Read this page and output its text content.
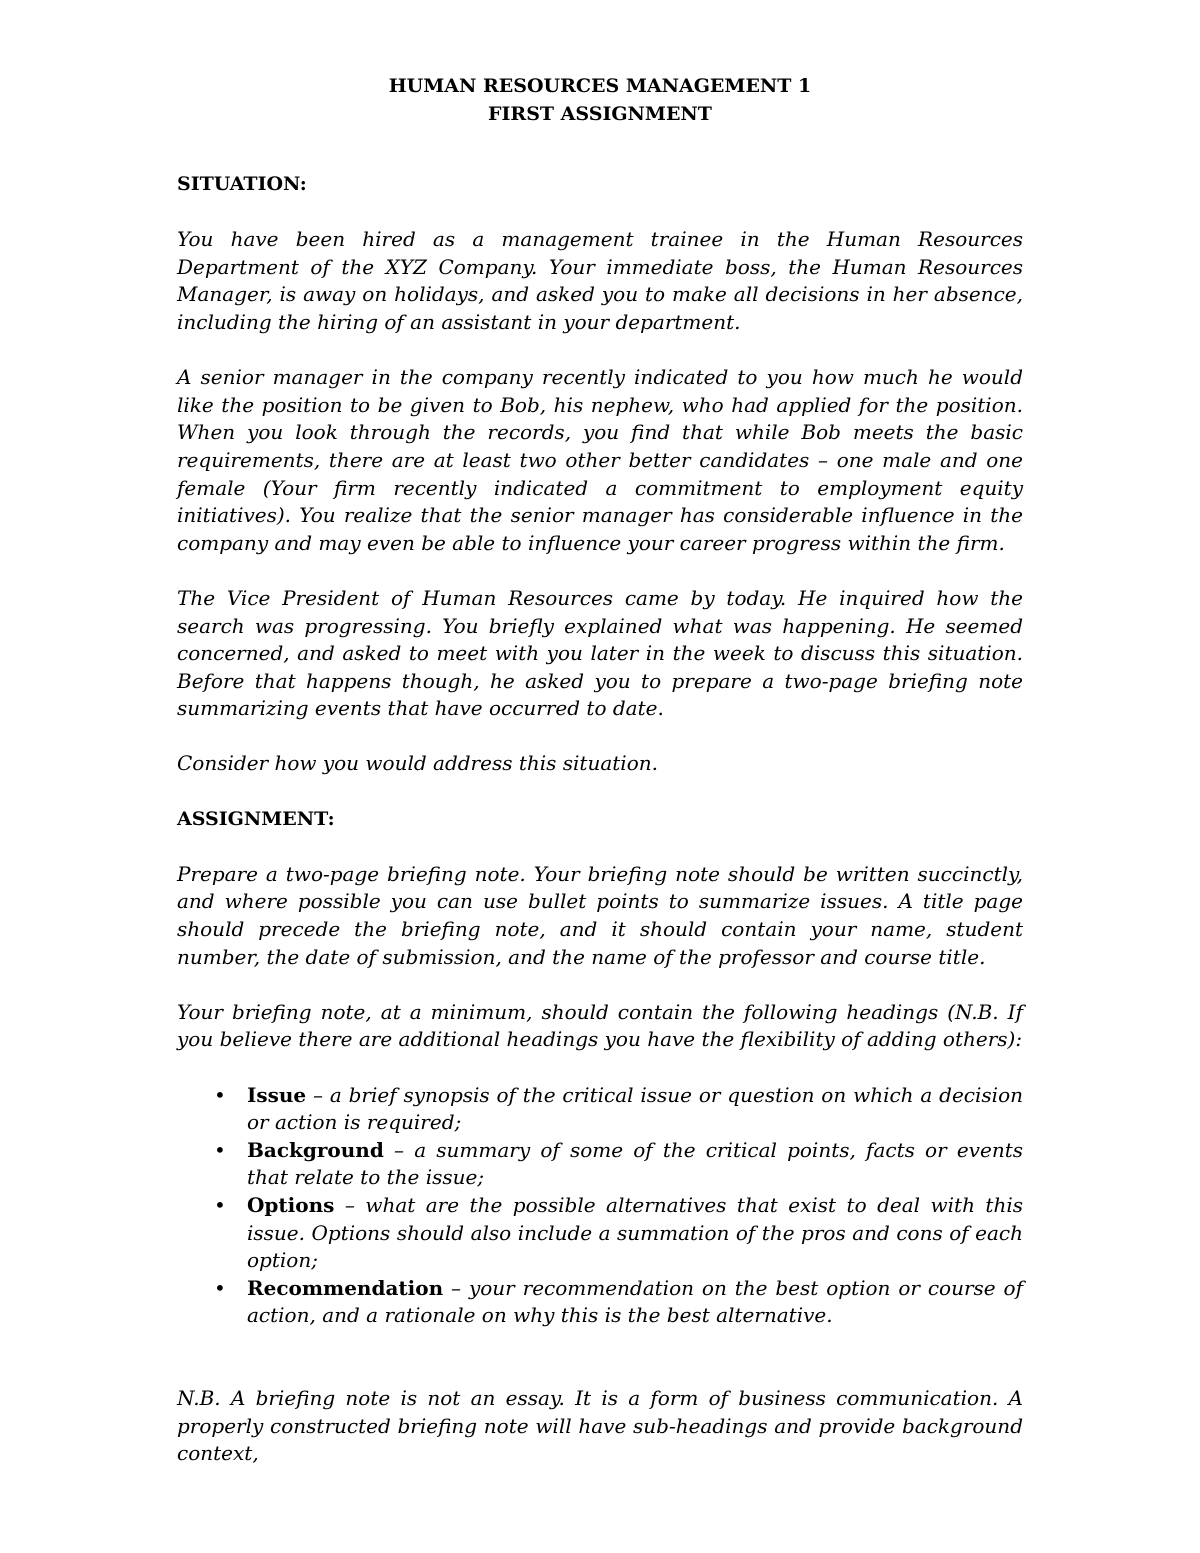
HUMAN RESOURCES MANAGEMENT 1
FIRST ASSIGNMENT
SITUATION:

You have been hired as a management trainee in the Human Resources Department of the XYZ Company. Your immediate boss, the Human Resources Manager, is away on holidays, and asked you to make all decisions in her absence, including the hiring of an assistant in your department.

A senior manager in the company recently indicated to you how much he would like the position to be given to Bob, his nephew, who had applied for the position. When you look through the records, you find that while Bob meets the basic requirements, there are at least two other better candidates – one male and one female (Your firm recently indicated a commitment to employment equity initiatives). You realize that the senior manager has considerable influence in the company and may even be able to influence your career progress within the firm.

The Vice President of Human Resources came by today. He inquired how the search was progressing. You briefly explained what was happening. He seemed concerned, and asked to meet with you later in the week to discuss this situation. Before that happens though, he asked you to prepare a two-page briefing note summarizing events that have occurred to date.

Consider how you would address this situation.

ASSIGNMENT:

Prepare a two-page briefing note. Your briefing note should be written succinctly, and where possible you can use bullet points to summarize issues. A title page should precede the briefing note, and it should contain your name, student number, the date of submission, and the name of the professor and course title.

Your briefing note, at a minimum, should contain the following headings (N.B. If you believe there are additional headings you have the flexibility of adding others):

• Issue – a brief synopsis of the critical issue or question on which a decision or action is required;
• Background – a summary of some of the critical points, facts or events that relate to the issue;
• Options – what are the possible alternatives that exist to deal with this issue. Options should also include a summation of the pros and cons of each option;
• Recommendation – your recommendation on the best option or course of action, and a rationale on why this is the best alternative.

N.B. A briefing note is not an essay. It is a form of business communication. A properly constructed briefing note will have sub-headings and provide background context,
